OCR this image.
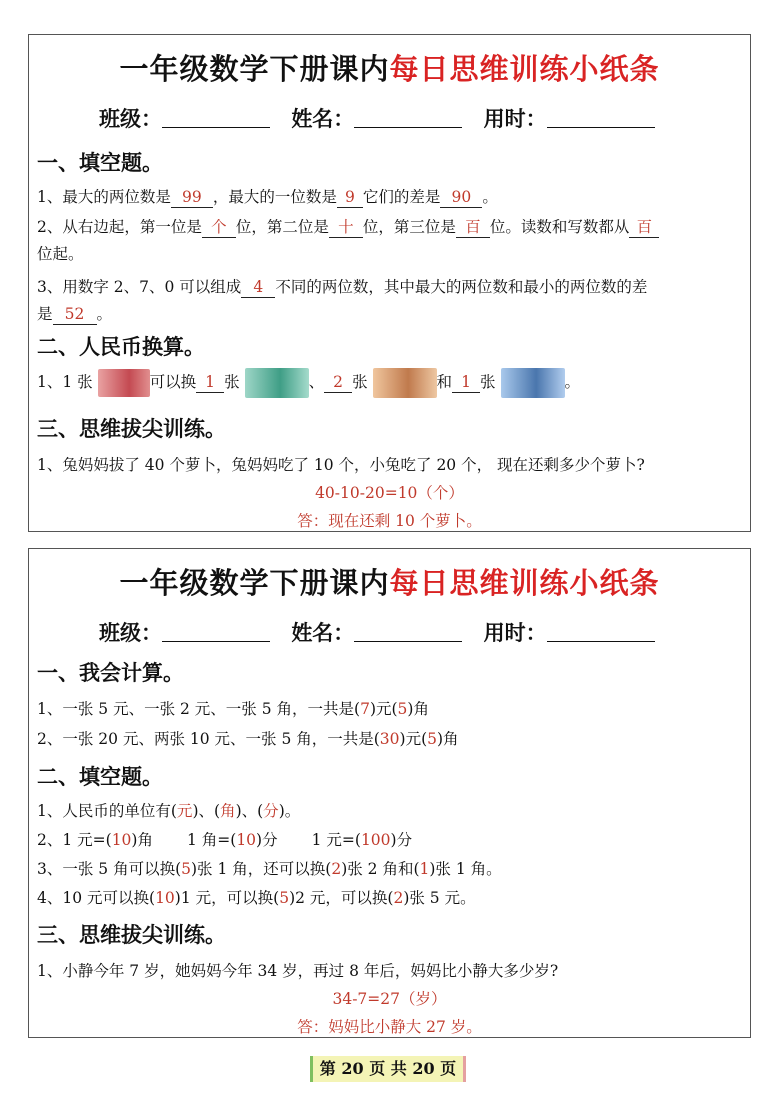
一年级数学下册课内每日思维训练小纸条
班级：	姓名：	用时：
一、填空题。
1、最大的两位数是 99 ，最大的一位数是 9 它们的差是 90 。
2、从右边起，第一位是 个 位，第二位是 十 位，第三位是 百 位。读数和写数都从 百
位起。
3、用数字 2、7、0 可以组成 4 不同的两位数，其中最大的两位数和最小的两位数的差
是 52 。
二、人民币换算。
1、1 张	可以换 1 张	、 2 张	和 1 张	。
三、思维拔尖训练。
1、兔妈妈拔了 40 个萝卜，兔妈妈吃了 10 个，小兔吃了 20 个， 现在还剩多少个萝卜?
40-10-20=10（个）
答：现在还剩 10 个萝卜。
一年级数学下册课内每日思维训练小纸条
班级：	姓名：	用时：
一、我会计算。
1、一张 5 元、一张 2 元、一张 5 角，一共是(7)元(5)角
2、一张 20 元、两张 10 元、一张 5 角，一共是(30)元(5)角
二、填空题。
1、人民币的单位有(元)、(角)、(分)。
2、1 元=(10)角 1 角=(10)分 1 元=(100)分
3、一张 5 角可以换(5)张 1 角，还可以换(2)张 2 角和(1)张 1 角。
4、10 元可以换(10)1 元，可以换(5)2 元，可以换(2)张 5 元。
三、思维拔尖训练。
1、小静今年 7 岁，她妈妈今年 34 岁，再过 8 年后，妈妈比小静大多少岁?
34-7=27（岁）
答：妈妈比小静大 27 岁。
第 20 页 共 20 页
